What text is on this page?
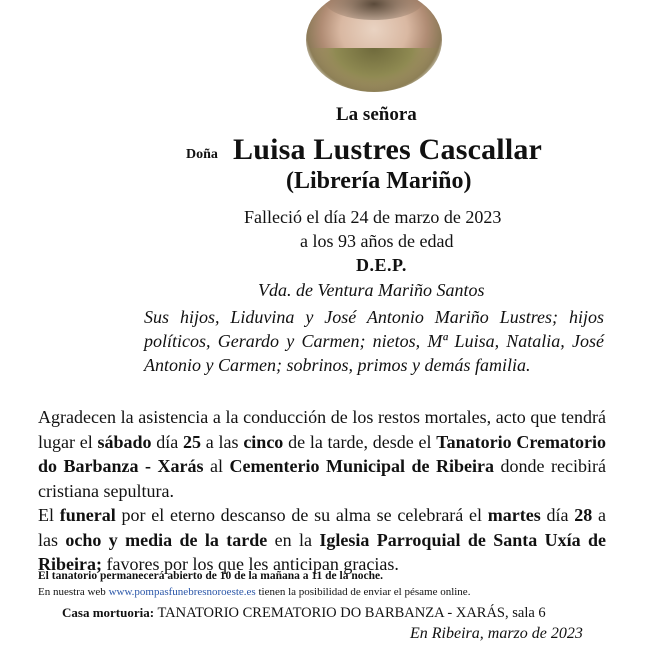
La señora
Doña Luisa Lustres Cascallar
(Librería Mariño)
Falleció el día 24 de marzo de 2023
a los 93 años de edad
D.E.P.
Vda. de Ventura Mariño Santos
Sus hijos, Liduvina y José Antonio Mariño Lustres; hijos políticos, Gerardo y Carmen; nietos, Mª Luisa, Natalia, José Antonio y Carmen; sobrinos, primos y demás familia.
Agradecen la asistencia a la conducción de los restos mortales, acto que tendrá lugar el sábado día 25 a las cinco de la tarde, desde el Tanatorio Crematorio do Barbanza - Xarás al Cementerio Municipal de Ribeira donde recibirá cristiana sepultura.
El funeral por el eterno descanso de su alma se celebrará el martes día 28 a las ocho y media de la tarde en la Iglesia Parroquial de Santa Uxía de Ribeira; favores por los que les anticipan gracias.
El tanatorio permanecerá abierto de 10 de la mañana a 11 de la noche.
En nuestra web www.pompasfunebresnoroeste.es tienen la posibilidad de enviar el pésame online.
Casa mortuoria: TANATORIO CREMATORIO DO BARBANZA - XARÁS, sala 6
En Ribeira, marzo de 2023
